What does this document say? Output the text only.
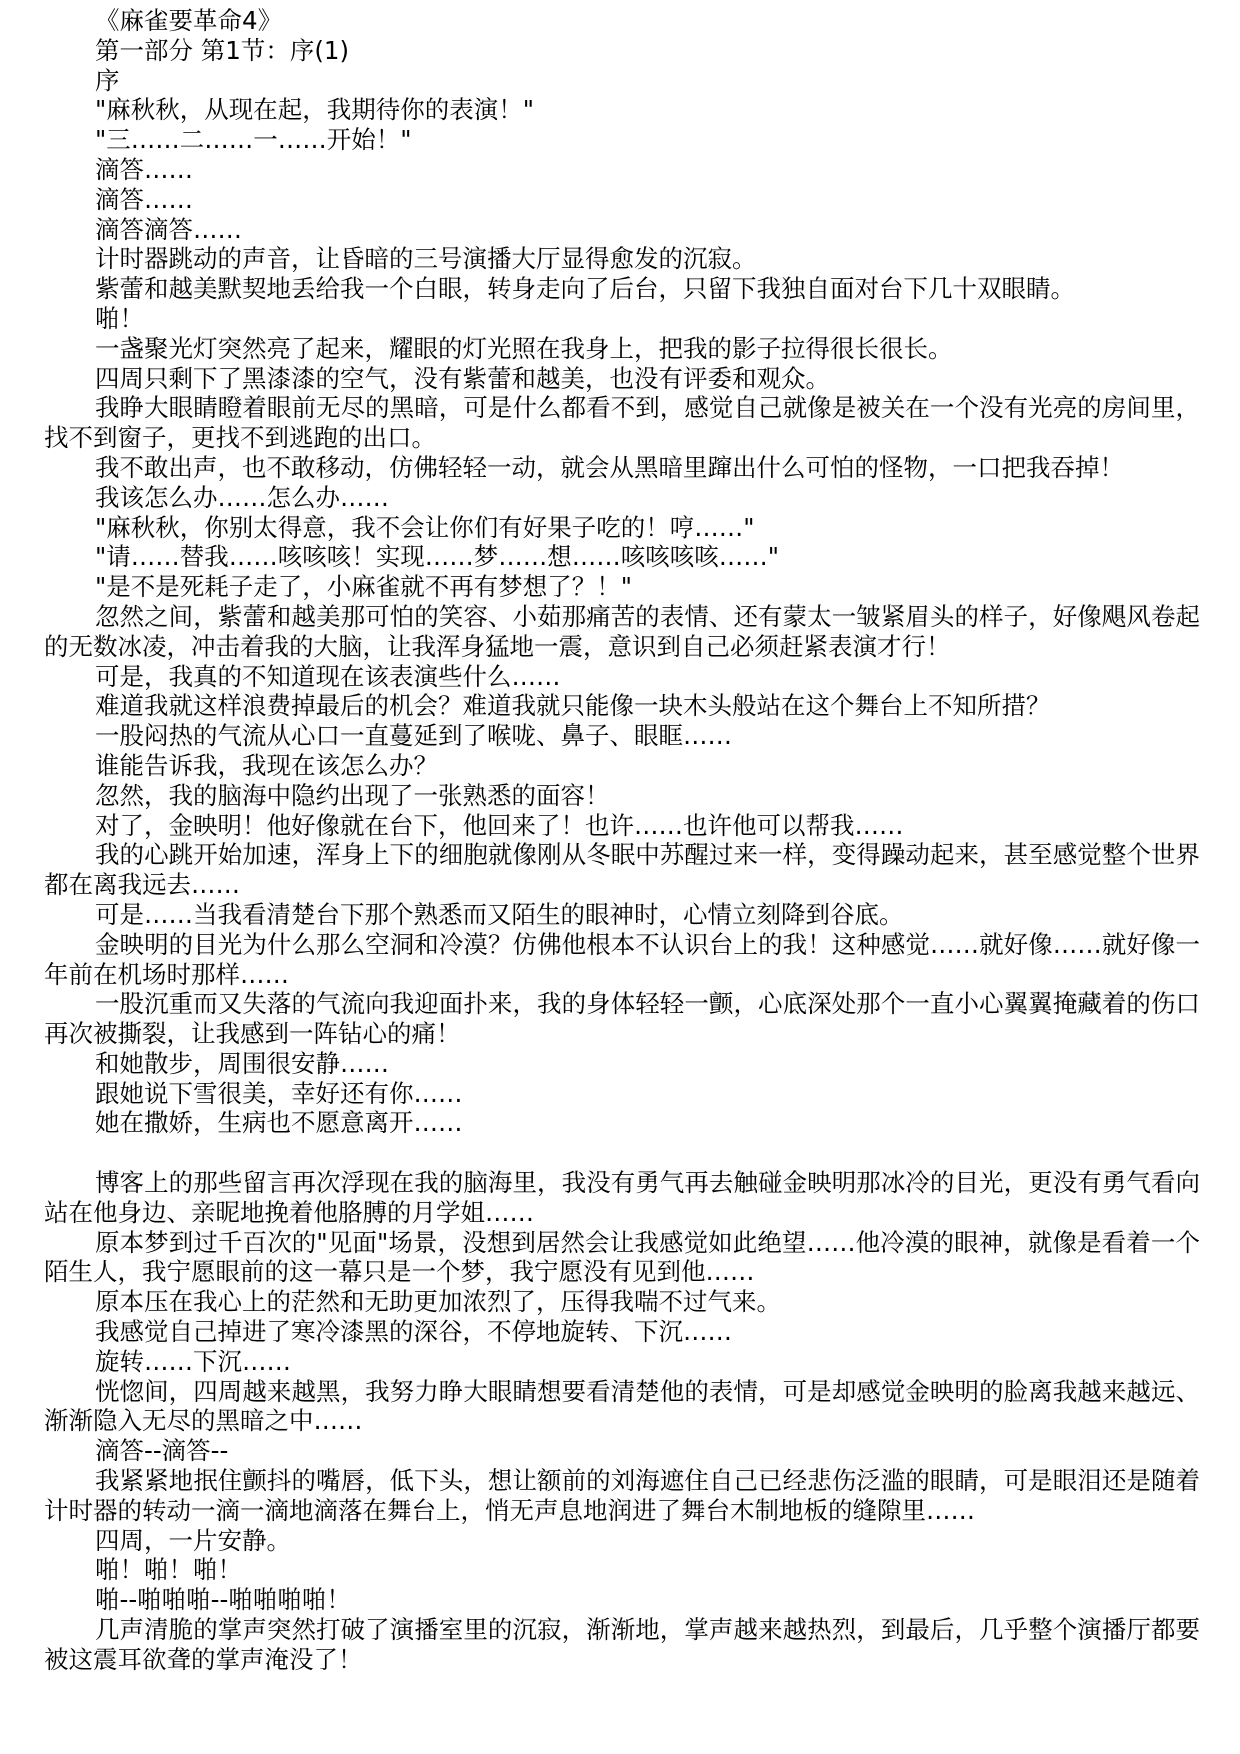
《麻雀要革命4》

第一部分 第1节：序(1)

序

"麻秋秋，从现在起，我期待你的表演！"

"三……二……一……开始！"

滴答……

滴答……

滴答滴答……

计时器跳动的声音，让昏暗的三号演播大厅显得愈发的沉寂。

紫蕾和越美默契地丢给我一个白眼，转身走向了后台，只留下我独自面对台下几十双眼睛。

啪！

一盏聚光灯突然亮了起来，耀眼的灯光照在我身上，把我的影子拉得很长很长。

四周只剩下了黑漆漆的空气，没有紫蕾和越美，也没有评委和观众。

我睁大眼睛瞪着眼前无尽的黑暗，可是什么都看不到，感觉自己就像是被关在一个没有光亮的房间里，找不到窗子，更找不到逃跑的出口。

我不敢出声，也不敢移动，仿佛轻轻一动，就会从黑暗里蹿出什么可怕的怪物，一口把我吞掉！

我该怎么办……怎么办……

"麻秋秋，你别太得意，我不会让你们有好果子吃的！哼……"

"请……替我……咳咳咳！实现……梦……想……咳咳咳咳……"

"是不是死耗子走了，小麻雀就不再有梦想了？！"

忽然之间，紫蕾和越美那可怕的笑容、小茹那痛苦的表情、还有蒙太一皱紧眉头的样子，好像飓风卷起的无数冰凌，冲击着我的大脑，让我浑身猛地一震，意识到自己必须赶紧表演才行！

可是，我真的不知道现在该表演些什么……

难道我就这样浪费掉最后的机会？难道我就只能像一块木头般站在这个舞台上不知所措？

一股闷热的气流从心口一直蔓延到了喉咙、鼻子、眼眶……

谁能告诉我，我现在该怎么办？

忽然，我的脑海中隐约出现了一张熟悉的面容！

对了，金映明！他好像就在台下，他回来了！也许……也许他可以帮我……

我的心跳开始加速，浑身上下的细胞就像刚从冬眠中苏醒过来一样，变得躁动起来，甚至感觉整个世界都在离我远去……

可是……当我看清楚台下那个熟悉而又陌生的眼神时，心情立刻降到谷底。

金映明的目光为什么那么空洞和冷漠？仿佛他根本不认识台上的我！这种感觉……就好像……就好像一年前在机场时那样……

一股沉重而又失落的气流向我迎面扑来，我的身体轻轻一颤，心底深处那个一直小心翼翼掩藏着的伤口再次被撕裂，让我感到一阵钻心的痛！

和她散步，周围很安静……

跟她说下雪很美，幸好还有你……

她在撒娇，生病也不愿意离开……

博客上的那些留言再次浮现在我的脑海里，我没有勇气再去触碰金映明那冰冷的目光，更没有勇气看向站在他身边、亲昵地挽着他胳膊的月学姐……

原本梦到过千百次的"见面"场景，没想到居然会让我感觉如此绝望……他冷漠的眼神，就像是看着一个陌生人，我宁愿眼前的这一幕只是一个梦，我宁愿没有见到他……

原本压在我心上的茫然和无助更加浓烈了，压得我喘不过气来。

我感觉自己掉进了寒冷漆黑的深谷，不停地旋转、下沉……

旋转……下沉……

恍惚间，四周越来越黑，我努力睁大眼睛想要看清楚他的表情，可是却感觉金映明的脸离我越来越远、渐渐隐入无尽的黑暗之中……

滴答--滴答--

我紧紧地抿住颤抖的嘴唇，低下头，想让额前的刘海遮住自己已经悲伤泛滥的眼睛，可是眼泪还是随着计时器的转动一滴一滴地滴落在舞台上，悄无声息地润进了舞台木制地板的缝隙里……

四周，一片安静。

啪！啪！啪！

啪--啪啪啪--啪啪啪啪！

几声清脆的掌声突然打破了演播室里的沉寂，渐渐地，掌声越来越热烈，到最后，几乎整个演播厅都要被这震耳欲聋的掌声淹没了！
